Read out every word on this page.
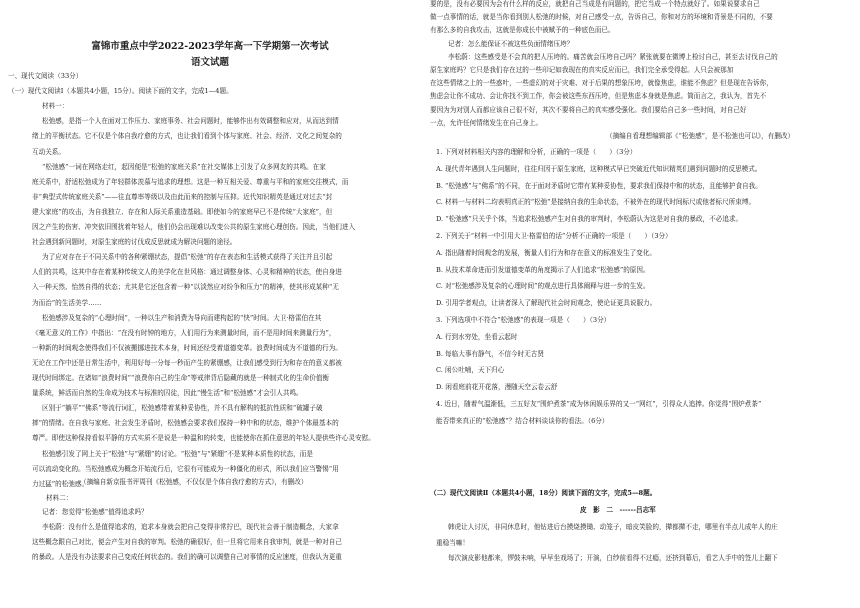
富锦市重点中学2022-2023学年高一下学期第一次考试
语文试题
一、现代文阅读（33分）
（一）现代文阅读Ⅰ（本题共4小题，15分）。阅读下面的文字，完成1—4题。
材料一：
松弛感，是指一个人在面对工作压力、家庭事务、社会问题时，能够作出有效调整和应对，从而达到情
绪上的平衡状态。它不仅是个体自我疗愈的方式，也让我们看到个体与家庭、社会、经济、文化之间复杂的
互动关系。
“松弛感”一词在网络走红，起因便是“松弛的家庭关系”在社交媒体上引发了众多网友的共鸣。在家
庭关系中，舒适松弛成为了年轻群体羡慕与追求的理想。这是一种互相关爱、尊重与平和的家庭交往模式，而
非“典型式传统家庭关系”——往直尊率等级以及由此而来的控制与压抑。近代知识精英是通过对过去“封
建大家庭”的攻击，为自我独立、存在和人际关系重造基础。即使如今的家庭早已不是传统“大家庭”，但
因之产生的伤害、冲突依旧围扰着年轻人，他们仍会出现难以改变公共的原生家庭心理创伤。因此，当他们进入
社会遇到新问题时，对原生家庭的讨伐成反思就成为解决问题的途径。
为了应对存在于不同关系中的各种紧绷状态，提倡“松弛”的存在表态和生活模式获得了关注并且引起
人们的共鸣，这其中存在着某种传统文人的美学化在世风格：通过调整身体、心灵和精神的状态，使自身进
入一种天然、怡然自得的状态；尤其是它还包含着一种“以淡然应对纷争和压力”的精神，使其形成某种“无
为而治”的生活美学……
松弛感涉及复杂的“心理时间”，一种以生产和消费为导向而建构起的“快”时间。大卫·格雷伯在其
《毫无意义的工作》中指出：“在没有时钟的地方，人们用行为来测量时间，而不是用时间来测量行为”，
一种新的时间观念使得我们不仅被搬挪进技术本身，时间还经受着道德变革。浪费时间成为不道德的行为。
无论在工作中还是日常生活中，利用好每一分每一秒而产生的紧绷感，让我们感受到行为和存在的意义都被
现代时间绑定。在诸如“浪费时间”“浪费你自己的生命”等戒律背后隐藏的就是一种制式化的生命价值衡
量系统，鲜活而自然的生命成为技术与标准的囚徒，因此“慢生活”和“松弛感”才会引人共鸣。
区别于“躺平”“佛系”等流行词汇，松弛感带着某种妥协性，并不具有解构的抵抗性质和“破罐子破
摔”的情绪。在自我与家庭、社会发生矛盾时，松弛感会要求我们保持一种中和的状态，维护个体最基本的
尊严。即使这种保持看似平静的方式实质不是说是一种温和的转变，也能使你在抓住意思的年轻人提供些许心灵安慰。
松弛感引发了网上关于“松弛”与“紧绷”的讨论。“松弛”与“紧绷”不是某种本质性的状态，而是
可以流动变化的。当松弛感成为概念开始流行后，它很有可能成为一种僵化的形式，所以我们应当警惕“用
力过猛”的松弛感。
（摘编自新京报书评周刊《松弛感，不仅仅是个体自我疗愈的方式》，有删改）
材料二：
记者：您觉得“松弛感”值得追求吗？
李松蔚：没有什么是值得追求的，追求本身就会把自己变得非常拧巴，现代社会善于制造概念，大家拿
这些概念跟自己对比，便会产生对自我的审判。松弛的确很好，但一旦将它用来自我审判，就是一种对自己
的暴政。人是没有办法要求自己变成任何状态的。我们的确可以调整自己对事情的反应速度，但我认为更重
要的是，没有必要因为会有什么样的反应，就把自己当成是有问题的，把它当成一个特点就好了。如果说要求自己
做一点事情的话，就是当你看到别人松弛的时候，对自己感受一点，告诉自己，你和对方的环境和背景是不同的，不要
有那么多的自我攻击，这就是你成长中被赋予的一种底色而已。
记者：怎么能保证不被这些负面情绪压垮？
李松蔚：这些感受是不会真的把人压垮的。痛苦就会压垮自己吗？紧张就要在微博上检讨自己，甚至去讨伐自己的
原生家庭吗？它只是我们存在过的一些印记如我现在的真实反应而已，我们完全承受得起。人只会被那加
在这些情绪之上的一些惑叶，一些虚幻的对于灾难、对于后果的想象压垮，就像焦虑，谁能不焦虑？但是现在告诉你，
焦虑会让你不成功、会让你找不到工作，你会被这些东西压垮，但是焦虑本身就是焦虑。简而言之，我认为，首先不
要因为为对别人而都应该自己很不好，其次不要将自己的真实感受强化。我们要给自己多一些时间，对自己好
一点，允许任何情绪发生在自己身上。
（摘编自看理想编辑部《“松弛感”，是不松弛也可以》，有删改）
1. 下列对材料相关内容的理解和分析，正确的一项是（　　）（3分）
A. 现代青年遇到人生问题时，往往归因于原生家庭，这种模式早已突破近代知识精英们遇到问题时的反思模式。
B. “松弛感”与“佛系”的不同，在于面对矛盾时它带有某种妥协性，要求我们保持中和的状态，且能够护食自我。
C. 材料一与材料二均表明真正的“松弛”是接纳自我的生命状态，不被外在的现代时间标尺或他者标尺所束缚。
D. “松弛感”只关乎个体，当追求松弛感产生对自我的审判时，李松蔚认为这是对自我的暴政，不必追求。
2. 下列关于“材料一中引用大卫·格雷伯的话”分析不正确的一项是（　　）（3分）
A. 指出随着时间观念的发展，衡量人们行为和存在意义的标准发生了变化。
B. 从技术革命进而引发道德变革的角度揭示了人们追求“松弛感”的原因。
C. 对“松弛感涉及复杂的心理时间”的观点进行具体阐释与进一步的生发。
D. 引用学者观点，让读者深入了解现代社会时间观念，使论证更具说服力。
3. 下列选项中不符合“松弛感”的表现一项是（　　）（3分）
A. 行到水穷处，坐看云起时
B. 每临大事有静气，不信今时无古贤
C. 闲公吐哺，天下归心
D. 闲看庭前花开花落，漫随天空云卷云舒
4. 近日，随着气温渐低，三五好友“围炉煮茶”成为休闲娱乐界的又一“网红”，引得众人追捧。你觉得“围炉煮茶”
能否带来真正的“松弛感”？结合材料谈谈你的看法。（6分）
（二）现代文阅读Ⅱ（本题共4小题，18分）阅读下面的文字，完成5—8题。
皮　影　二　------吕志军
韩虎让人讨厌，非同休息时，他钻进后台摸烧摸锄、动笼子，暗皮笑脸的，撵都撵不走，哪里有半点儿成年人的庄
重稳当嘛！
每次演皮影他都来，锣鼓未响，早早坐戏场了；开演，白纱前看得不过瘾，还挤到幕后，看艺人手中的签儿上翻下
